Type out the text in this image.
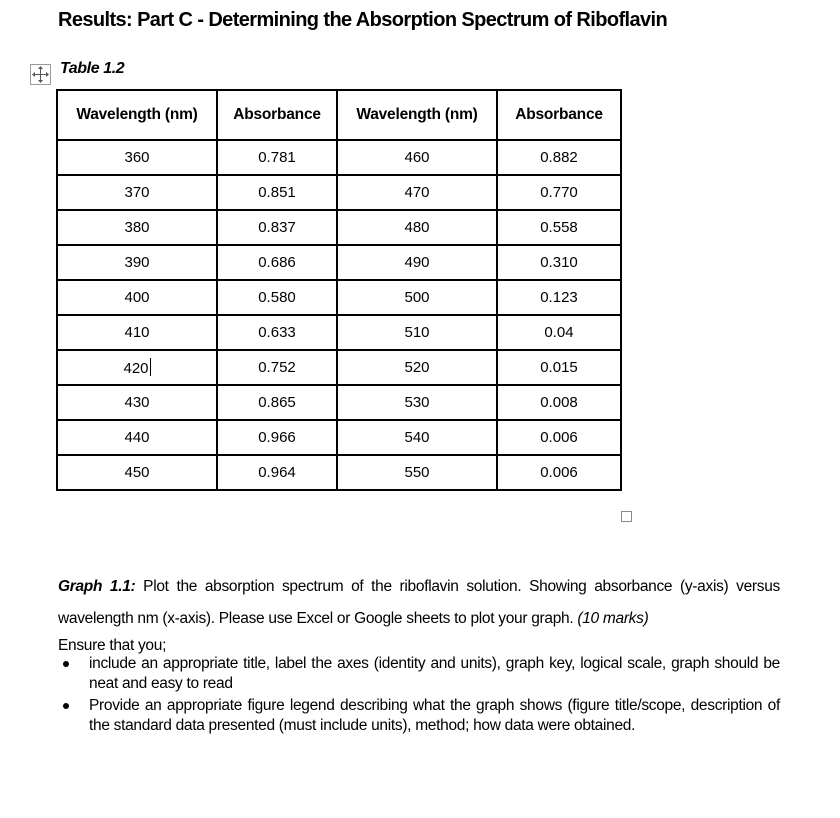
Results: Part C - Determining the Absorption Spectrum of Riboflavin
Table 1.2
Wavelength (nm)	Absorbance	Wavelength (nm)	Absorbance
360	0.781	460	0.882
370	0.851	470	0.770
380	0.837	480	0.558
390	0.686	490	0.310
400	0.580	500	0.123
410	0.633	510	0.04
420	0.752	520	0.015
430	0.865	530	0.008
440	0.966	540	0.006
450	0.964	550	0.006
Graph 1.1: Plot the absorption spectrum of the riboflavin solution. Showing absorbance (y-axis) versus wavelength nm (x-axis). Please use Excel or Google sheets to plot your graph. (10 marks)
Ensure that you;
include an appropriate title, label the axes (identity and units), graph key, logical scale, graph should be neat and easy to read
Provide an appropriate figure legend describing what the graph shows (figure title/scope, description of the standard data presented (must include units), method; how data were obtained.
